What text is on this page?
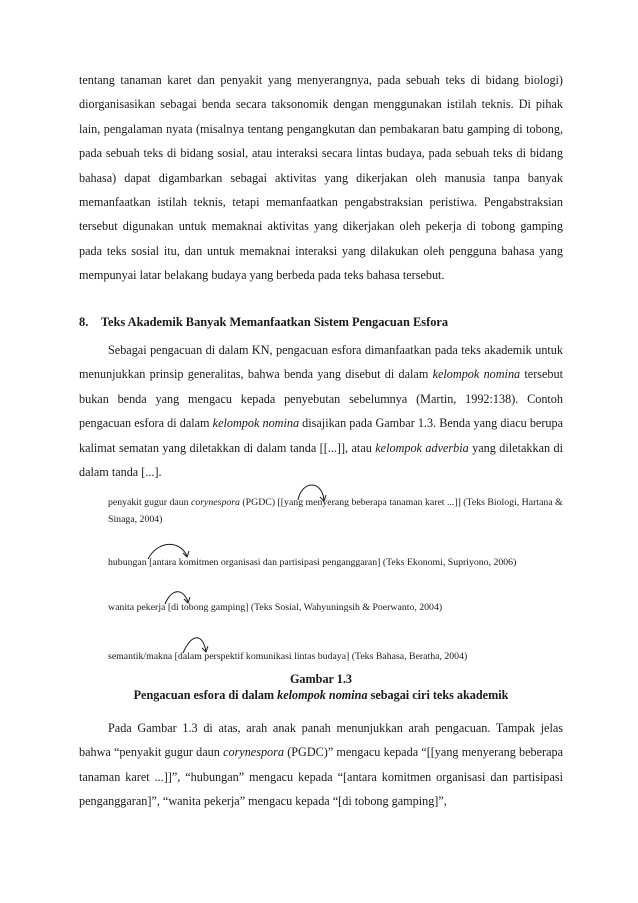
tentang tanaman karet dan penyakit yang menyerangnya, pada sebuah teks di bidang biologi) diorganisasikan sebagai benda secara taksonomik dengan menggunakan istilah teknis. Di pihak lain, pengalaman nyata (misalnya tentang pengangkutan dan pembakaran batu gamping di tobong, pada sebuah teks di bidang sosial, atau interaksi secara lintas budaya, pada sebuah teks di bidang bahasa) dapat digambarkan sebagai aktivitas yang dikerjakan oleh manusia tanpa banyak memanfaatkan istilah teknis, tetapi memanfaatkan pengabstraksian peristiwa. Pengabstraksian tersebut digunakan untuk memaknai aktivitas yang dikerjakan oleh pekerja di tobong gamping pada teks sosial itu, dan untuk memaknai interaksi yang dilakukan oleh pengguna bahasa yang mempunyai latar belakang budaya yang berbeda pada teks bahasa tersebut.

8. Teks Akademik Banyak Memanfaatkan Sistem Pengacuan Esfora

Sebagai pengacuan di dalam KN, pengacuan esfora dimanfaatkan pada teks akademik untuk menunjukkan prinsip generalitas, bahwa benda yang disebut di dalam kelompok nomina tersebut bukan benda yang mengacu kepada penyebutan sebelumnya (Martin, 1992:138). Contoh pengacuan esfora di dalam kelompok nomina disajikan pada Gambar 1.3. Benda yang diacu berupa kalimat sematan yang diletakkan di dalam tanda [[...]], atau kelompok adverbia yang diletakkan di dalam tanda [...].

penyakit gugur daun corynespora (PGDC) [[yang menyerang beberapa tanaman karet ...]] (Teks Biologi, Hartana & Sinaga, 2004)

hubungan [antara komitmen organisasi dan partisipasi penganggaran] (Teks Ekonomi, Supriyono, 2006)

wanita pekerja [di tobong gamping] (Teks Sosial, Wahyuningsih & Poerwanto, 2004)

semantik/makna [dalam perspektif komunikasi lintas budaya] (Teks Bahasa, Beratha, 2004)

Gambar 1.3

Pengacuan esfora di dalam kelompok nomina sebagai ciri teks akademik

Pada Gambar 1.3 di atas, arah anak panah menunjukkan arah pengacuan. Tampak jelas bahwa “penyakit gugur daun corynespora (PGDC)” mengacu kepada “[[yang menyerang beberapa tanaman karet ...]]”, “hubungan” mengacu kepada “[antara komitmen organisasi dan partisipasi penganggaran]”, “wanita pekerja” mengacu kepada “[di tobong gamping]”,
